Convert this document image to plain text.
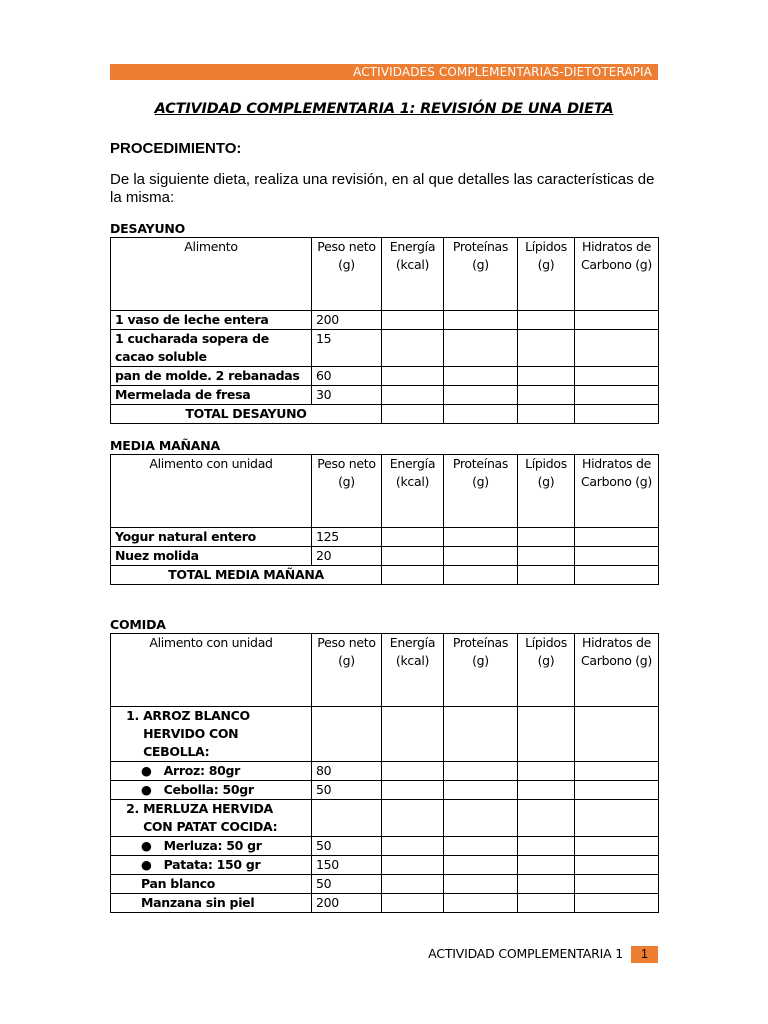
ACTIVIDADES COMPLEMENTARIAS-DIETOTERAPIA
ACTIVIDAD COMPLEMENTARIA 1: REVISIÓN DE UNA DIETA
PROCEDIMIENTO:
De la siguiente dieta, realiza una revisión, en al que detalles las características de la misma:
DESAYUNO
Alimento	Peso neto (g)	Energía (kcal)	Proteínas (g)	Lípidos (g)	Hidratos de Carbono (g)
1 vaso de leche entera	200				
1 cucharada sopera de cacao soluble	15				
pan de molde. 2 rebanadas	60				
Mermelada de fresa	30				
TOTAL DESAYUNO					
MEDIA MAÑANA
Alimento con unidad	Peso neto (g)	Energía (kcal)	Proteínas (g)	Lípidos (g)	Hidratos de Carbono (g)
Yogur natural entero	125				
Nuez molida	20				
TOTAL MEDIA MAÑANA					
COMIDA
Alimento con unidad	Peso neto (g)	Energía (kcal)	Proteínas (g)	Lípidos (g)	Hidratos de Carbono (g)
1. ARROZ BLANCO HERVIDO CON CEBOLLA:					
● Arroz: 80gr	80				
● Cebolla: 50gr	50				
2. MERLUZA HERVIDA CON PATAT COCIDA:					
● Merluza: 50 gr	50				
● Patata: 150 gr	150				
Pan blanco	50				
Manzana sin piel	200				
ACTIVIDAD COMPLEMENTARIA 1	1
